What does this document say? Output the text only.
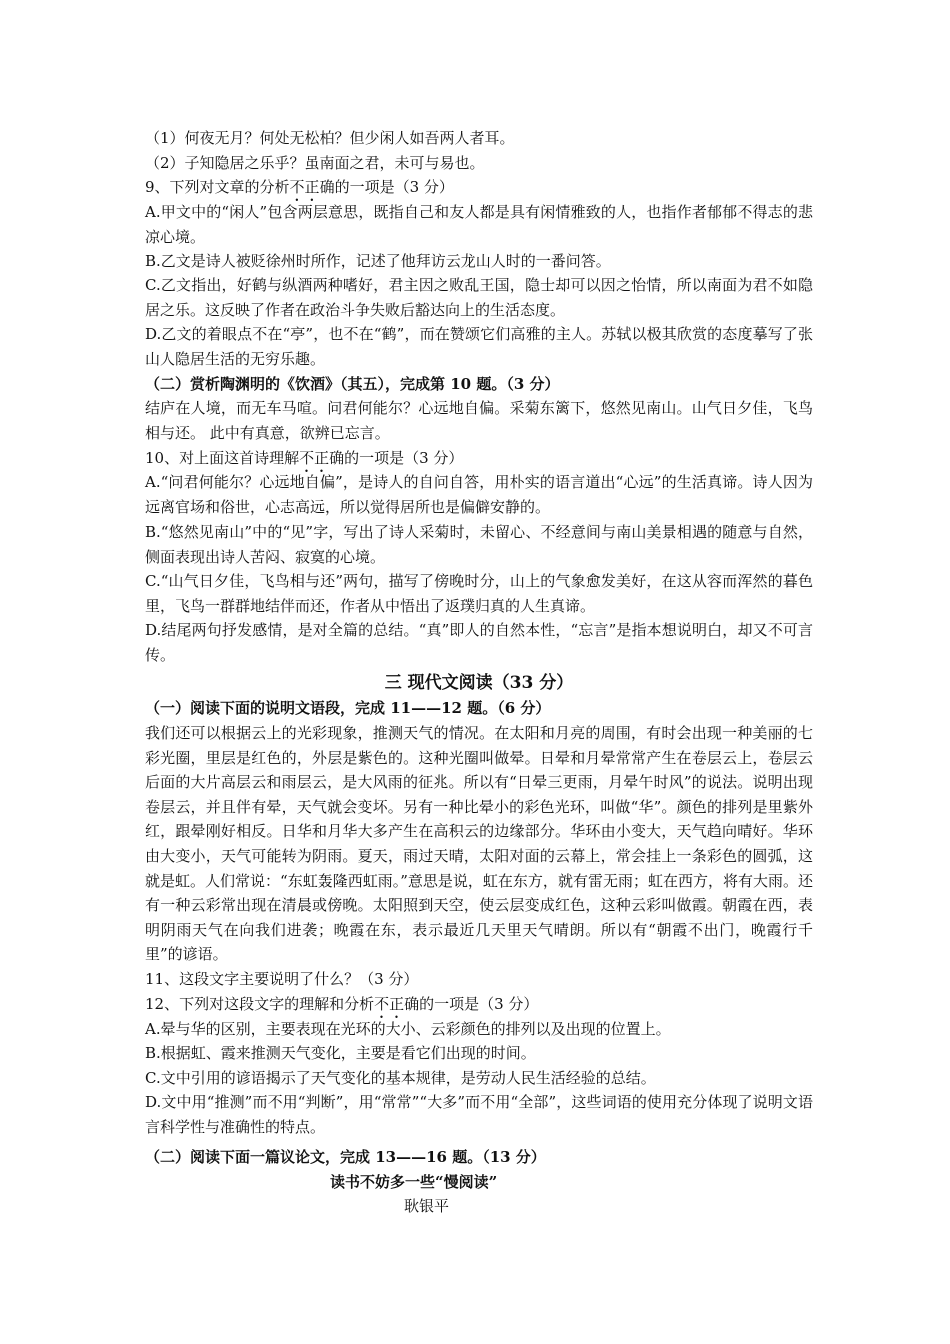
（1）何夜无月？何处无松柏？但少闲人如吾两人者耳。

（2）子知隐居之乐乎？虽南面之君，未可与易也。

9、下列对文章的分析不正确的一项是（3 分）

A.甲文中的“闲人”包含两层意思，既指自己和友人都是具有闲情雅致的人，也指作者郁郁不得志的悲凉心境。

B.乙文是诗人被贬徐州时所作，记述了他拜访云龙山人时的一番问答。

C.乙文指出，好鹤与纵酒两种嗜好，君主因之败乱王国，隐士却可以因之怡情，所以南面为君不如隐居之乐。这反映了作者在政治斗争失败后豁达向上的生活态度。

D.乙文的着眼点不在“亭”，也不在“鹤”，而在赞颂它们高雅的主人。苏轼以极其欣赏的态度摹写了张山人隐居生活的无穷乐趣。

（二）赏析陶渊明的《饮酒》（其五），完成第 10 题。（3 分）

结庐在人境，而无车马喧。问君何能尔？心远地自偏。采菊东篱下，悠然见南山。山气日夕佳，飞鸟相与还。 此中有真意，欲辨已忘言。

10、对上面这首诗理解不正确的一项是（3 分）

A.“问君何能尔？心远地自偏”，是诗人的自问自答，用朴实的语言道出“心远”的生活真谛。诗人因为远离官场和俗世，心志高远，所以觉得居所也是偏僻安静的。

B.“悠然见南山”中的“见”字，写出了诗人采菊时，未留心、不经意间与南山美景相遇的随意与自然，侧面表现出诗人苦闷、寂寞的心境。

C.“山气日夕佳，飞鸟相与还”两句，描写了傍晚时分，山上的气象愈发美好，在这从容而浑然的暮色里，飞鸟一群群地结伴而还，作者从中悟出了返璞归真的人生真谛。

D.结尾两句抒发感情，是对全篇的总结。“真”即人的自然本性，“忘言”是指本想说明白，却又不可言传。

三 现代文阅读（33 分）

（一）阅读下面的说明文语段，完成 11——12 题。（6 分）

我们还可以根据云上的光彩现象，推测天气的情况。在太阳和月亮的周围，有时会出现一种美丽的七彩光圈，里层是红色的，外层是紫色的。这种光圈叫做晕。日晕和月晕常常产生在卷层云上，卷层云后面的大片高层云和雨层云，是大风雨的征兆。所以有“日晕三更雨，月晕午时风”的说法。说明出现卷层云，并且伴有晕，天气就会变坏。另有一种比晕小的彩色光环，叫做“华”。颜色的排列是里紫外红，跟晕刚好相反。日华和月华大多产生在高积云的边缘部分。华环由小变大，天气趋向晴好。华环由大变小，天气可能转为阴雨。夏天，雨过天晴，太阳对面的云幕上，常会挂上一条彩色的圆弧，这就是虹。人们常说：“东虹轰隆西虹雨。”意思是说，虹在东方，就有雷无雨；虹在西方，将有大雨。还有一种云彩常出现在清晨或傍晚。太阳照到天空，使云层变成红色，这种云彩叫做霞。朝霞在西，表明阴雨天气在向我们进袭；晚霞在东，表示最近几天里天气晴朗。所以有“朝霞不出门，晚霞行千里”的谚语。

11、这段文字主要说明了什么？（3 分）

12、下列对这段文字的理解和分析不正确的一项是（3 分）

A.晕与华的区别，主要表现在光环的大小、云彩颜色的排列以及出现的位置上。

B.根据虹、霞来推测天气变化，主要是看它们出现的时间。

C.文中引用的谚语揭示了天气变化的基本规律，是劳动人民生活经验的总结。

D.文中用“推测”而不用“判断”，用“常常”“大多”而不用“全部”，这些词语的使用充分体现了说明文语言科学性与准确性的特点。

（二）阅读下面一篇议论文，完成 13——16 题。（13 分）

读书不妨多一些“慢阅读”

耿银平
